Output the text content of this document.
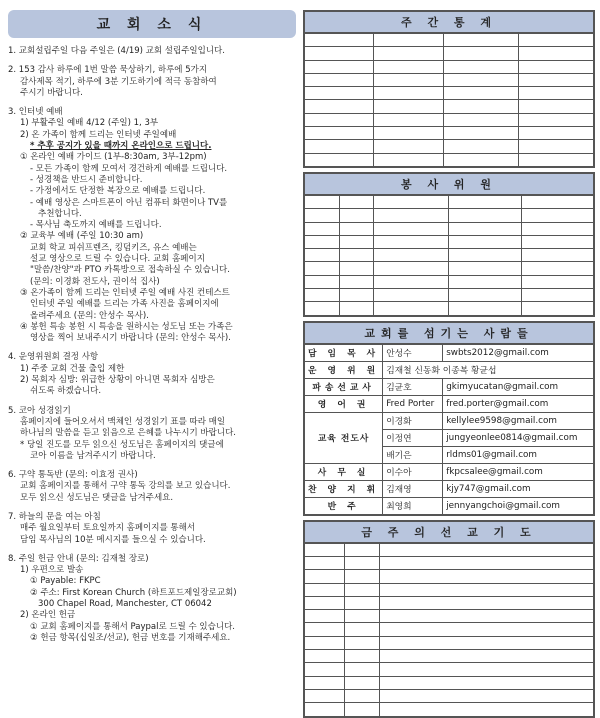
교 회 소 식

1. 교회설립주일 다음 주일은 (4/19) 교회 설립주일입니다.

2. 153 감사 하루에 1번 말씀 묵상하기, 하루에 5가지

감사제목 적기, 하루에 3분 기도하기에 적극 동참하여

주시기 바랍니다.

3. 인터넷 예배

1) 부활주일 예배 4/12 (주일) 1, 3부

2) 온 가족이 함께 드리는 인터넷 주일예배

* 추후 공지가 있을 때까지 온라인으로 드립니다.

① 온라인 예배 가이드 (1부-8:30am, 3부-12pm)

- 모든 가족이 함께 모여서 경건하게 예배를 드립니다.

- 성경책을 반드시 준비합니다.

- 가정에서도 단정한 복장으로 예배를 드립니다.

- 예배 영상은 스마트폰이 아닌 컴퓨터 화면이나 TV를

추천합니다.

- 목사님 축도까지 예배를 드립니다.

② 교육부 예배 (주일 10:30 am)

교회 학교 피쉬프렌즈, 킹덤키즈, 유스 예배는

설교 영상으로 드릴 수 있습니다. 교회 홈페이지

"말씀/찬양"과 PTO 카톡방으로 접속하실 수 있습니다.

(문의: 이경화 전도사, 권이석 집사)

③ 온가족이 함께 드리는 인터넷 주일 예배 사진 컨테스트

인터넷 주일 예배를 드리는 가족 사진을 홈페이지에

올려주세요 (문의: 안성수 목사).

④ 봉헌 특송 봉헌 시 특송을 원하시는 성도님 또는 가족은

영상을 찍어 보내주시기 바랍니다 (문의: 안성수 목사).

4. 운영위원회 결정 사항

1) 주중 교회 건물 출입 제한

2) 목회자 심방: 위급한 상황이 아니면 목회자 심방은

쉬도록 하겠습니다.

5. 코아 성경읽기

홈페이지에 들어오셔서 맥체인 성경읽기 표를 따라 매일

하나님의 말씀을 듣고 읽음으로 은혜를 나누시기 바랍니다.

* 당일 진도를 모두 읽으신 성도님은 홈페이지의 댓글에

코아 이름을 남겨주시기 바랍니다.

6. 구약 통독반 (문의: 이효정 권사)

교회 홈페이지를 통해서 구약 통독 강의를 보고 있습니다.

모두 읽으신 성도님은 댓글을 남겨주세요.

7. 하늘의 문을 여는 아침

매주 월요일부터 토요일까지 홈페이지를 통해서

담임 목사님의 10분 메시지를 들으실 수 있습니다.

8. 주일 헌금 안내 (문의: 김재철 장로)

1) 우편으로 발송

① Payable: FKPC

② 주소: First Korean Church (하트포드제일장로교회)

300 Chapel Road, Manchester, CT 06042

2) 온라인 헌금

① 교회 홈페이지를 통해서 Paypal로 드릴 수 있습니다.

② 헌금 항목(십일조/선교), 헌금 번호를 기재해주세요.

주 간 통 계

봉 사 위 원

교회를 섬기는 사람들
담 임 목 사	안성수	swbts2012@gmail.com
운 영 위 원	김재철 신동화 이종복 황균섭	
파송선교사	김균호	gkimyucatan@gmail.com
영 어 권	Fred Porter	fred.porter@gmail.com
교육 전도사	이경화	kellylee9598@gmail.com
	이정연	jungyeonlee0814@gmail.com
	배기은	rldms01@gmail.com
사 무 실	이수아	fkpcsalee@gmail.com
찬 양 지 휘	김재영	kjy747@gmail.com
반 주	최영희	jennyangchoi@gmail.com
금 주 의 선 교 기 도
